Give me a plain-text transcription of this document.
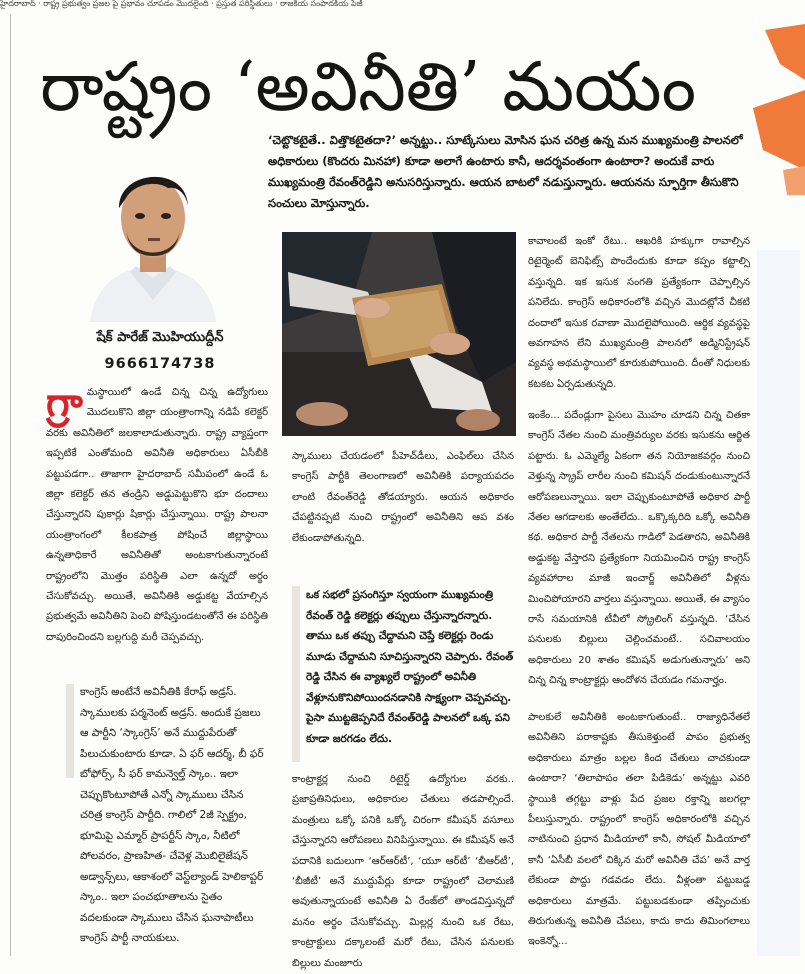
హైదరాబాద్ · రాష్ట్ర ప్రభుత్వం ప్రజల పై ప్రభావం చూపడం మొదలైంది · ప్రస్తుత పరిస్థితులు · రాజకీయ సంపాదకీయ పేజీ
రాష్ట్రం ‘అవినీతి’ మయం
‘చెట్టొకటైతే.. విత్తొకటైతదా?’ అన్నట్టు.. సూట్కేసులు మోసిన ఘన చరిత్ర ఉన్న మన ముఖ్యమంత్రి పాలనలో అధికారులు (కొందరు మినహా) కూడా అలాగే ఉంటారు కానీ, ఆదర్శవంతంగా ఉంటారా? అందుకే వారు ముఖ్యమంత్రి రేవంత్‌రెడ్డిని అనుసరిస్తున్నారు. ఆయన బాటలో నడుస్తున్నారు. ఆయనను స్ఫూర్తిగా తీసుకొని సంచులు మోస్తున్నారు.
షేక్ పారేజ్ మొహియుద్దీన్
9666174738
గ్రా మస్థాయిలో ఉండే చిన్న చిన్న ఉద్యోగులు మొదలుకొని జిల్లా యంత్రాంగాన్ని నడిపే కలెక్టర్ వరకు అవినీతిలో జలకాలాడుతున్నారు. రాష్ట్ర వ్యాప్తంగా ఇప్పటికే ఎంతోమంది అవినీతి అధికారులు ఏసీబీకి పట్టుపడగా.. తాజాగా హైదరాబాద్ సమీపంలో ఉండే ఓ జిల్లా కలెక్టర్ తన తండ్రిని అడ్డుపెట్టుకొని భూ దందాలు చేస్తున్నారని పుకార్లు షికార్లు చేస్తున్నాయి. రాష్ట్ర పాలనా యంత్రాంగంలో కీలకపాత్ర పోషించే జిల్లాస్థాయి ఉన్నతాధికారే అవినీతితో అంటకాగుతున్నారంటే రాష్ట్రంలోని మొత్తం పరిస్థితి ఎలా ఉన్నదో అర్థం చేసుకోవచ్చు. అయితే, అవినీతికి అడ్డుకట్ట వేయాల్సిన ప్రభుత్వమే అవినీతిని పెంచి పోషిస్తుండటంతోనే ఈ పరిస్థితి దాపురించిందని బల్లగుద్ది మరీ చెప్పవచ్చు.
కాంగ్రెస్ అంటేనే అవినీతికి కేరాఫ్ అడ్రస్. స్కాములకు పర్మనెంట్ అడ్రస్. అందుకే ప్రజలు ఆ పార్టీని ‘స్కాంగ్రెస్’ అనే ముద్దుపేరుతో పిలుచుకుంటారు కూడా. ఏ ఫర్ ఆదర్శ్, బీ ఫర్ బోఫోర్స్, సీ ఫర్ కామన్వెల్త్ స్కాం.. ఇలా చెప్పుకొంటూపోతే ఎన్నో స్కాములు చేసిన చరిత్ర కాంగ్రెస్ పార్టీది. గాలిలో 2జీ స్పెక్ట్రం, భూమిపై ఎమ్మార్ ప్రాపర్టీస్ స్కాం, నీటిలో పోలవరం, ప్రాణహిత- చేవెళ్ల మొబిలైజేషన్ అడ్వాన్స్‌లు, ఆకాశంలో వెస్ట్‌ల్యాండ్ హెలికాప్టర్ స్కాం.. ఇలా పంచభూతాలను సైతం వదలకుండా స్కాములు చేసిన ఘనాపాటీలు కాంగ్రెస్ పార్టీ నాయకులు.
స్కాములు చేయడంలో పీహెచ్‌డీలు, ఎంఫిల్‌లు చేసిన కాంగ్రెస్ పార్టీకి తెలంగాణలో అవినీతికి పర్యాయపదం లాంటి రేవంత్‌రెడ్డి తోడయ్యారు. ఆయన అధికారం చేపట్టినప్పటి నుంచి రాష్ట్రంలో అవినీతిని ఆప వశం లేకుండాపోతున్నది.
ఒక సభలో ప్రసంగిస్తూ స్వయంగా ముఖ్యమంత్రి రేవంత్ రెడ్డి కలెక్టర్లు తప్పులు చేస్తున్నారన్నారు. తాము ఒక తప్పు చేద్దామని చెప్తే కలెక్టర్లు రెండు మూడు చేద్దామని సూచిస్తున్నారని చెప్పారు. రేవంత్ రెడ్డి చేసిన ఈ వ్యాఖ్యలే రాష్ట్రంలో అవినీతి వేళ్లూనుకొనిపోయిందనడానికి సాక్ష్యంగా చెప్పవచ్చు. పైసా ముట్టజెప్పనిదే రేవంత్‌రెడ్డి పాలనలో ఒక్క పని కూడా జరగడం లేదు.
కాంట్రాక్టర్ల నుంచి రిటైర్డ్ ఉద్యోగుల వరకు.. ప్రజాప్రతినిధులు, అధికారుల చేతులు తడపాల్సిందే. మంత్రులు ఒక్కో పనికి ఒక్కో చిరంగా కమీషన్ వసూలు చేస్తున్నారని ఆరోపణలు వినిపిస్తున్నాయి. ఈ కమీషన్ అనే పదానికి బదులుగా ‘ఆర్‌ఆర్‌టీ’, ‘యూ ఆర్‌టీ’ ‘బీఆర్‌టీ’, ‘బీజీటీ’ అనే ముద్దుపేర్లు కూడా రాష్ట్రంలో చెలామణి అవుతున్నాయంటే అవినీతి ఏ రేంజ్‌లో తాండవిస్తున్నదో మనం అర్థం చేసుకోవచ్చు. మిల్లర్ల నుంచి ఒక రేటు, కాంట్రాక్టులు దక్కాలంటే మరో రేటు, చేసిన పనులకు బిల్లులు మంజూరు
కావాలంటే ఇంకో రేటు.. ఆఖరికి హక్కుగా రావాల్సిన రిటైర్మెంట్ బెనిఫిట్స్ పొందేందుకు కూడా కప్పం కట్టాల్సి వస్తున్నది. ఇక ఇసుక సంగతి ప్రత్యేకంగా చెప్పాల్సిన పనిలేదు. కాంగ్రెస్ అధికారంలోకి వచ్చిన మొదట్లోనే చీకటి దందాలో ఇసుక రవాణా మొదలైపోయింది. ఆర్థిక వ్యవస్థపై అవగాహన లేని ముఖ్యమంత్రి పాలనలో అడ్మినిస్ట్రేషన్ వ్యవస్థ అథమస్థాయిలో కూరుకుపోయింది. దీంతో నిధులకు కటకట ఏర్పడుతున్నది.
ఇంకేం... పదేండ్లుగా పైసలు మొహం చూడని చిన్న చితకా కాంగ్రెస్ నేతల నుంచి మంత్రివర్యుల వరకు ఇసుకను ఆర్జిత పట్టారు. ఓ ఎమ్మెల్యే ఏకంగా తన నియోజకవర్గం నుంచి వెళ్తున్న స్క్రాప్ లారీల నుంచి కమిషన్ దండుకుంటున్నారనే ఆరోపణలున్నాయి. ఇలా చెప్పుకుంటూపోతే అధికార పార్టీ నేతల ఆగడాలకు అంతేలేదు.. ఒక్కొక్కరిది ఒక్కో అవినీతి కథ. అధికార పార్టీ నేతలను గాడిలో పెడతారని, అవినీతికి అడ్డుకట్ట వేస్తారని ప్రత్యేకంగా నియమించిన రాష్ట్ర కాంగ్రెస్ వ్యవహారాల మాజీ ఇంచార్జ్ అవినీతిలో వీళ్లను మించిపోయారని వార్తలు వస్తున్నాయి. అయితే, ఈ వ్యాసం రాసే సమయానికి టీవీలో స్క్రోలింగ్ వస్తున్నది. ‘చేసిన పనులకు బిల్లులు చెల్లించమంటే.. సచివాలయం అధికారులు 20 శాతం కమిషన్ అడుగుతున్నారు’ అని చిన్న చిన్న కాంట్రాక్టర్లు ఆందోళన చేయడం గమనార్హం.
పాలకులే అవినీతికి అంటకాగుతుంటే.. రాజ్యాధినేతలే అవినీతిని పరాకాష్టకు తీసుకెళ్తుంటే పాపం ప్రభుత్వ అధికారులు మాత్రం బల్లల కింద చేతులు చాచకుండా ఉంటారా? ‘తిలాపాపం తలా పిడికెడు’ అన్నట్టు ఎవరి స్థాయికి తగ్గట్టు వాళ్లు పేద ప్రజల రక్తాన్ని జలగల్లా పీలుస్తున్నారు. రాష్ట్రంలో కాంగ్రెస్ అధికారంలోకి వచ్చిన నాటినుంచి ప్రధాన మీడియాలో కానీ, సోషల్ మీడియాలో కానీ ‘ఏసీబీ వలలో చిక్కిన మరో అవినీతి చేప’ అనే వార్త లేకుండా పొద్దు గడవడం లేదు. వీళ్లంతా పట్టుబడ్డ అధికారులు మాత్రమే. పట్టుబడకుండా తప్పించుకు తిరుగుతున్న అవినీతి చేపలు, కాదు కాదు తిమింగలాలు ఇంకెన్నో...
